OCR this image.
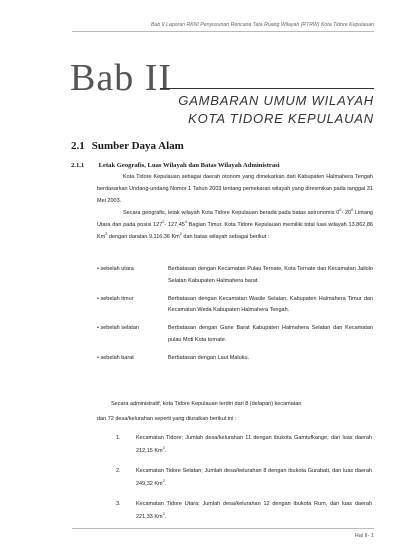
Bab II Laporan RKNI Penyusunan Rencana Tata Ruang Wilayah (RTRW) Kota Tidore Kepulauan
Bab II
GAMBARAN UMUM WILAYAH
KOTA TIDORE KEPULAUAN
2.1 Sumber Daya Alam
2.1.1 Letak Geografis, Luas Wilayah dan Batas Wilayah Administrasi

Kota Tidore Kepulauan sebagai daerah otonom yang dimekarkan dari Kabupaten Halmahera Tengah berdasarkan Undang-undang Nomor 1 Tahun 2003 tentang pemekaran wilayah yang diresmikan pada tanggal 31 Mei 2003.

Secara geografis, letak wilayah Kota Tidore Kepulauan berada pada batas astronomis $0^0-$ $20^0$ Lintang Utara dan pada posisi $127^0-$ 127,45$^0$ Bagian Timur. Kota Tidore Kepulauan memiliki total luas wilayah 13.862,86 Km$^2$ dengan daratan 9.116,36 Km$^2$ dan batas wilayah sebagai berikut :

• sebelah utara	Berbatasan dengan Kecamatan Pulau Ternate, Kota Ternate dan Kecamatan Jailolo Selatan Kabupaten Halmahera barat.
• sebelah timur	Berbatasan dengan Kecamatan Wasile Selatan, Kabupaten Halmahera Timur dan Kecamatan Weda Kabupaten Halmahera Tengah.
• sebelah selatan	Berbatasan dengan Gane Barat Kabupaten Halmahera Selatan dan Kecamatan pulau Moti Kota ternate.
• sebelah barat	Berbatasan dengan Laut Maluku.

Secara administratif, kota Tidore Kepulauan terdiri dari 8 (delapan) kecamatan

dan 72 desa/kelurahan seperti yang diuraikan berikut ini :

1.	Kecamatan Tidore; Jumlah desa/kelurahan 11 dengan ibukota Gamtufkange, dan luas daerah 212,15 Km$^2$.
2.	Kecamatan Tidore Selatan; Jumlah desa/kelurahan 8 dengan ibukota Gurabati, dan luas daerah 249,32 Km$^2$.
3.	Kecamatan Tidore Utara; Jumlah desa/kelurahan 12 dengan ibukota Rum, dan luas daerah 221,33 Km$^2$.
Hal II- 1
